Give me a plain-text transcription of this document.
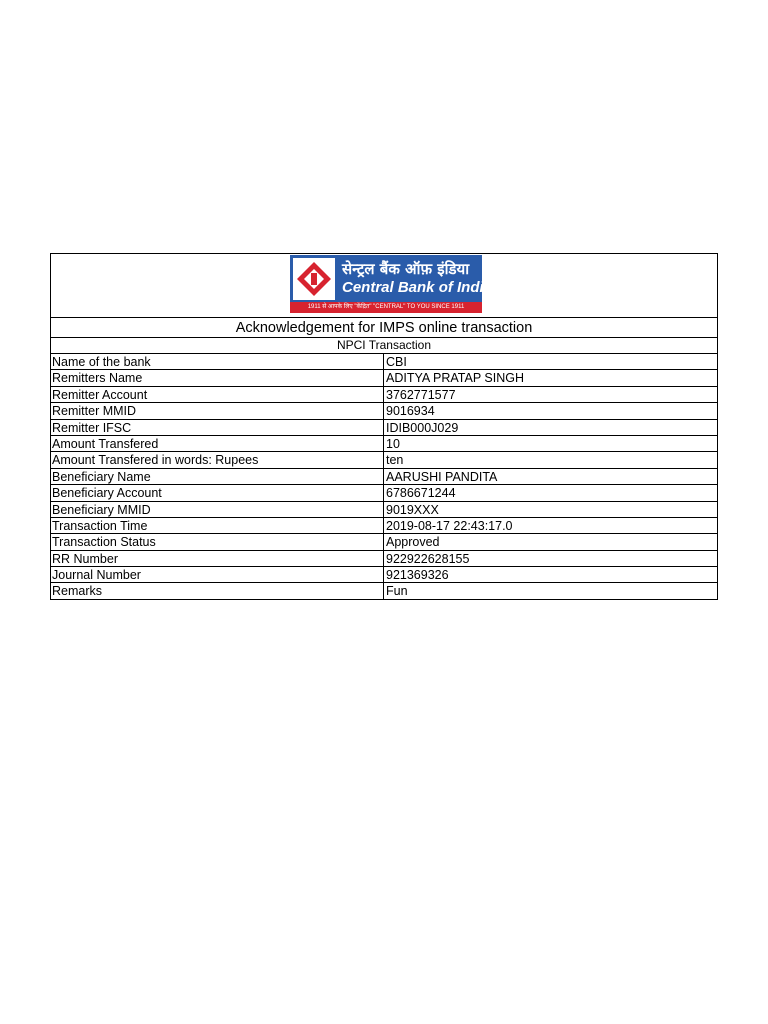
सेन्ट्रल बैंक ऑफ़ इंडिया
Central Bank of India
1911 से आपके लिए "केंद्रित" "CENTRAL" TO YOU SINCE 1911
Acknowledgement for IMPS online transaction
NPCI Transaction
Name of the bank	CBI
Remitters Name	ADITYA PRATAP SINGH
Remitter Account	3762771577
Remitter MMID	9016934
Remitter IFSC	IDIB000J029
Amount Transfered	10
Amount Transfered in words: Rupees	ten
Beneficiary Name	AARUSHI PANDITA
Beneficiary Account	6786671244
Beneficiary MMID	9019XXX
Transaction Time	2019-08-17 22:43:17.0
Transaction Status	Approved
RR Number	922922628155
Journal Number	921369326
Remarks	Fun
